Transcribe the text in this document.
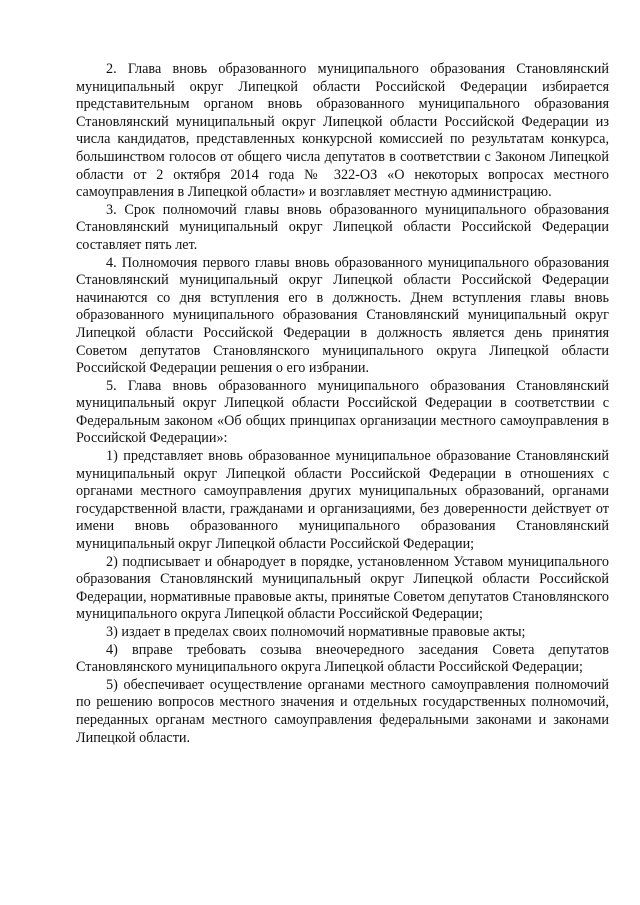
2. Глава вновь образованного муниципального образования Становлянский муниципальный округ Липецкой области Российской Федерации избирается представительным органом вновь образованного муниципального образования Становлянский муниципальный округ Липецкой области Российской Федерации из числа кандидатов, представленных конкурсной комиссией по результатам конкурса, большинством голосов от общего числа депутатов в соответствии с Законом Липецкой области от 2 октября 2014 года № 322-ОЗ «О некоторых вопросах местного самоуправления в Липецкой области» и возглавляет местную администрацию.

3. Срок полномочий главы вновь образованного муниципального образования Становлянский муниципальный округ Липецкой области Российской Федерации составляет пять лет.

4. Полномочия первого главы вновь образованного муниципального образования Становлянский муниципальный округ Липецкой области Российской Федерации начинаются со дня вступления его в должность. Днем вступления главы вновь образованного муниципального образования Становлянский муниципальный округ Липецкой области Российской Федерации в должность является день принятия Советом депутатов Становлянского муниципального округа Липецкой области Российской Федерации решения о его избрании.

5. Глава вновь образованного муниципального образования Становлянский муниципальный округ Липецкой области Российской Федерации в соответствии с Федеральным законом «Об общих принципах организации местного самоуправления в Российской Федерации»:

1) представляет вновь образованное муниципальное образование Становлянский муниципальный округ Липецкой области Российской Федерации в отношениях с органами местного самоуправления других муниципальных образований, органами государственной власти, гражданами и организациями, без доверенности действует от имени вновь образованного муниципального образования Становлянский муниципальный округ Липецкой области Российской Федерации;

2) подписывает и обнародует в порядке, установленном Уставом муниципального образования Становлянский муниципальный округ Липецкой области Российской Федерации, нормативные правовые акты, принятые Советом депутатов Становлянского муниципального округа Липецкой области Российской Федерации;

3) издает в пределах своих полномочий нормативные правовые акты;

4) вправе требовать созыва внеочередного заседания Совета депутатов Становлянского муниципального округа Липецкой области Российской Федерации;

5) обеспечивает осуществление органами местного самоуправления полномочий по решению вопросов местного значения и отдельных государственных полномочий, переданных органам местного самоуправления федеральными законами и законами Липецкой области.
